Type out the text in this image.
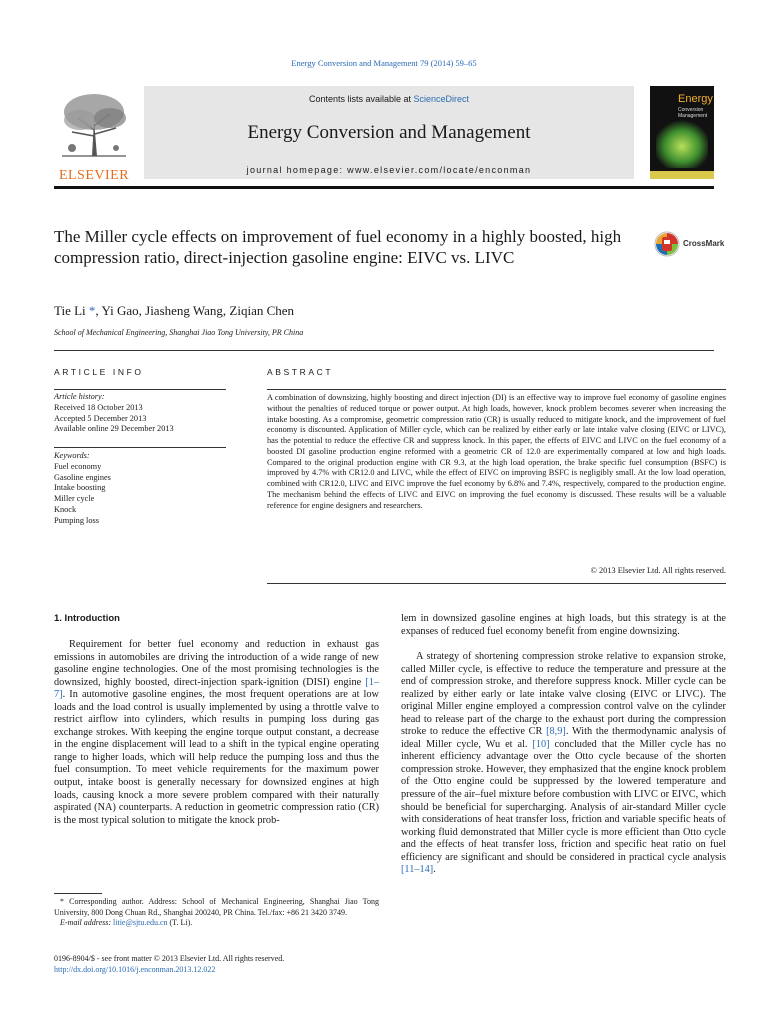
Energy Conversion and Management 79 (2014) 59–65
ELSEVIER
Contents lists available at ScienceDirect
Energy Conversion and Management
journal homepage: www.elsevier.com/locate/enconman
Energy
Conversion
Management
The Miller cycle effects on improvement of fuel economy in a highly boosted, high compression ratio, direct-injection gasoline engine: EIVC vs. LIVC
CrossMark
Tie Li *, Yi Gao, Jiasheng Wang, Ziqian Chen
School of Mechanical Engineering, Shanghai Jiao Tong University, PR China
ARTICLE INFO	ABSTRACT
Article history:
Received 18 October 2013
Accepted 5 December 2013
Available online 29 December 2013
Keywords:
Fuel economy
Gasoline engines
Intake boosting
Miller cycle
Knock
Pumping loss

A combination of downsizing, highly boosting and direct injection (DI) is an effective way to improve fuel economy of gasoline engines without the penalties of reduced torque or power output. At high loads, however, knock problem becomes severer when increasing the intake boosting. As a compromise, geometric compression ratio (CR) is usually reduced to mitigate knock, and the improvement of fuel economy is discounted. Application of Miller cycle, which can be realized by either early or late intake valve closing (EIVC or LIVC), has the potential to reduce the effective CR and suppress knock. In this paper, the effects of EIVC and LIVC on the fuel economy of a boosted DI gasoline production engine reformed with a geometric CR of 12.0 are experimentally compared at low and high loads. Compared to the original production engine with CR 9.3, at the high load operation, the brake specific fuel consumption (BSFC) is improved by 4.7% with CR12.0 and LIVC, while the effect of EIVC on improving BSFC is negligibly small. At the low load operation, combined with CR12.0, LIVC and EIVC improve the fuel economy by 6.8% and 7.4%, respectively, compared to the production engine. The mechanism behind the effects of LIVC and EIVC on improving the fuel economy is discussed. These results will be a valuable reference for engine designers and researchers.

© 2013 Elsevier Ltd. All rights reserved.
1. Introduction

Requirement for better fuel economy and reduction in exhaust gas emissions in automobiles are driving the introduction of a wide range of new gasoline engine technologies. One of the most promising technologies is the downsized, highly boosted, direct-injection spark-ignition (DISI) engine [1–7]. In automotive gasoline engines, the most frequent operations are at low loads and the load control is usually implemented by using a throttle valve to restrict airflow into cylinders, which results in pumping loss during gas exchange strokes. With keeping the engine torque output constant, a decrease in the engine displacement will lead to a shift in the typical engine operating range to higher loads, which will help reduce the pumping loss and thus the fuel consumption. To meet vehicle requirements for the maximum power output, intake boost is generally necessary for downsized engines at high loads, causing knock a more severe problem compared with their naturally aspirated (NA) counterparts. A reduction in geometric compression ratio (CR) is the most typical solution to mitigate the knock prob-

lem in downsized gasoline engines at high loads, but this strategy is at the expanses of reduced fuel economy benefit from engine downsizing.

A strategy of shortening compression stroke relative to expansion stroke, called Miller cycle, is effective to reduce the temperature and pressure at the end of compression stroke, and therefore suppress knock. Miller cycle can be realized by either early or late intake valve closing (EIVC or LIVC). The original Miller engine employed a compression control valve on the cylinder head to release part of the charge to the exhaust port during the compression stroke to reduce the effective CR [8,9]. With the thermodynamic analysis of ideal Miller cycle, Wu et al. [10] concluded that the Miller cycle has no inherent efficiency advantage over the Otto cycle because of the shorten compression stroke. However, they emphasized that the engine knock problem of the Otto engine could be suppressed by the lowered temperature and pressure of the air–fuel mixture before combustion with LIVC or EIVC, which should be beneficial for supercharging. Analysis of air-standard Miller cycle with considerations of heat transfer loss, friction and variable specific heats of working fluid demonstrated that Miller cycle is more efficient than Otto cycle and the effects of heat transfer loss, friction and specific heat ratio on fuel efficiency are significant and should be considered in practical cycle analysis [11–14].

* Corresponding author. Address: School of Mechanical Engineering, Shanghai Jiao Tong University, 800 Dong Chuan Rd., Shanghai 200240, PR China. Tel./fax: +86 21 3420 3749.
E-mail address: litie@sjtu.edu.cn (T. Li).

0196-8904/$ - see front matter © 2013 Elsevier Ltd. All rights reserved.
http://dx.doi.org/10.1016/j.enconman.2013.12.022
